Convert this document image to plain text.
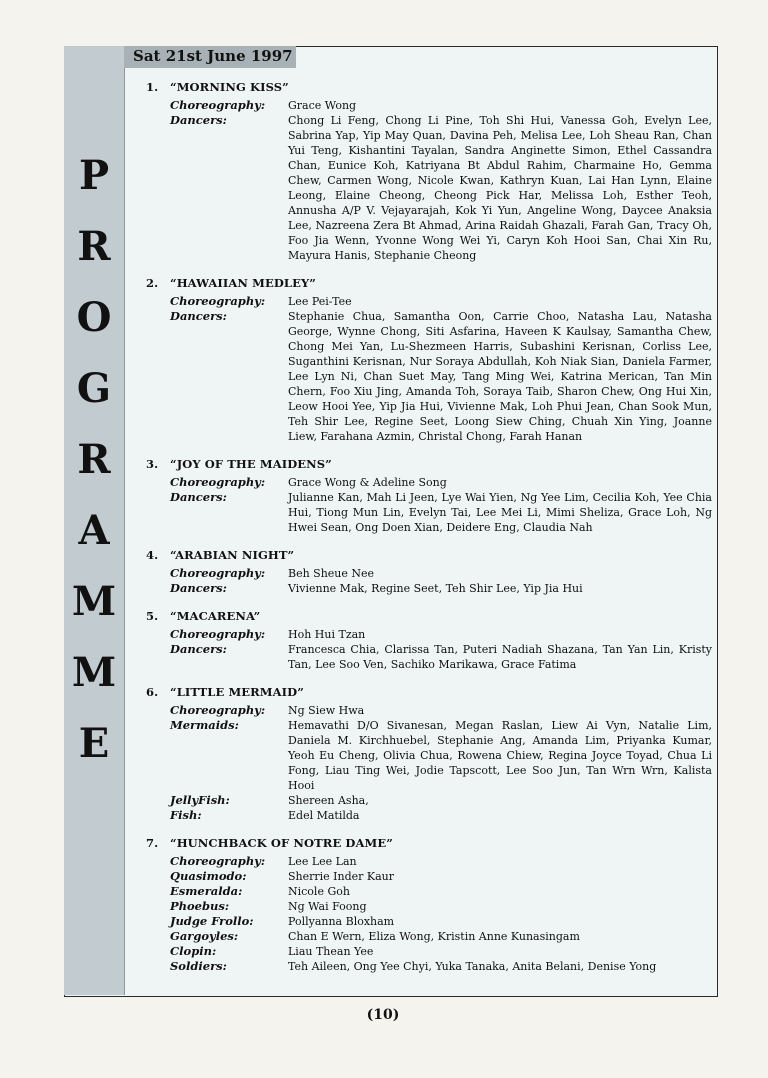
P
R
O
G
R
A
M
M
E
Sat 21st June 1997
1. “MORNING KISS”
Choreography:	Grace Wong
Dancers:	Chong Li Feng, Chong Li Pine, Toh Shi Hui, Vanessa Goh, Evelyn Lee, Sabrina Yap, Yip May Quan, Davina Peh, Melisa Lee, Loh Sheau Ran, Chan Yui Teng, Kishantini Tayalan, Sandra Anginette Simon, Ethel Cassandra Chan, Eunice Koh, Katriyana Bt Abdul Rahim, Charmaine Ho, Gemma Chew, Carmen Wong, Nicole Kwan, Kathryn Kuan, Lai Han Lynn, Elaine Leong, Elaine Cheong, Cheong Pick Har, Melissa Loh, Esther Teoh, Annusha A/P V. Vejayarajah, Kok Yi Yun, Angeline Wong, Daycee Anaksia Lee, Nazreena Zera Bt Ahmad, Arina Raidah Ghazali, Farah Gan, Tracy Oh, Foo Jia Wenn, Yvonne Wong Wei Yi, Caryn Koh Hooi San, Chai Xin Ru, Mayura Hanis, Stephanie Cheong
2. “HAWAIIAN MEDLEY”
Choreography:	Lee Pei-Tee
Dancers:	Stephanie Chua, Samantha Oon, Carrie Choo, Natasha Lau, Natasha George, Wynne Chong, Siti Asfarina, Haveen K Kaulsay, Samantha Chew, Chong Mei Yan, Lu-Shezmeen Harris, Subashini Kerisnan, Corliss Lee, Suganthini Kerisnan, Nur Soraya Abdullah, Koh Niak Sian, Daniela Farmer, Lee Lyn Ni, Chan Suet May, Tang Ming Wei, Katrina Merican, Tan Min Chern, Foo Xiu Jing, Amanda Toh, Soraya Taib, Sharon Chew, Ong Hui Xin, Leow Hooi Yee, Yip Jia Hui, Vivienne Mak, Loh Phui Jean, Chan Sook Mun, Teh Shir Lee, Regine Seet, Loong Siew Ching, Chuah Xin Ying, Joanne Liew, Farahana Azmin, Christal Chong, Farah Hanan
3. “JOY OF THE MAIDENS”
Choreography:	Grace Wong & Adeline Song
Dancers:	Julianne Kan, Mah Li Jeen, Lye Wai Yien, Ng Yee Lim, Cecilia Koh, Yee Chia Hui, Tiong Mun Lin, Evelyn Tai, Lee Mei Li, Mimi Sheliza, Grace Loh, Ng Hwei Sean, Ong Doen Xian, Deidere Eng, Claudia Nah
4. “ARABIAN NIGHT”
Choreography:	Beh Sheue Nee
Dancers:	Vivienne Mak, Regine Seet, Teh Shir Lee, Yip Jia Hui
5. “MACARENA”
Choreography:	Hoh Hui Tzan
Dancers:	Francesca Chia, Clarissa Tan, Puteri Nadiah Shazana, Tan Yan Lin, Kristy Tan, Lee Soo Ven, Sachiko Marikawa, Grace Fatima
6. “LITTLE MERMAID”
Choreography:	Ng Siew Hwa
Mermaids:	Hemavathi D/O Sivanesan, Megan Raslan, Liew Ai Vyn, Natalie Lim, Daniela M. Kirchhuebel, Stephanie Ang, Amanda Lim, Priyanka Kumar, Yeoh Eu Cheng, Olivia Chua, Rowena Chiew, Regina Joyce Toyad, Chua Li Fong, Liau Ting Wei, Jodie Tapscott, Lee Soo Jun, Tan Wrn Wrn, Kalista Hooi
JellyFish:	Shereen Asha,
Fish:	Edel Matilda
7. “HUNCHBACK OF NOTRE DAME”
Choreography:	Lee Lee Lan
Quasimodo:	Sherrie Inder Kaur
Esmeralda:	Nicole Goh
Phoebus:	Ng Wai Foong
Judge Frollo:	Pollyanna Bloxham
Gargoyles:	Chan E Wern, Eliza Wong, Kristin Anne Kunasingam
Clopin:	Liau Thean Yee
Soldiers:	Teh Aileen, Ong Yee Chyi, Yuka Tanaka, Anita Belani, Denise Yong
(10)
